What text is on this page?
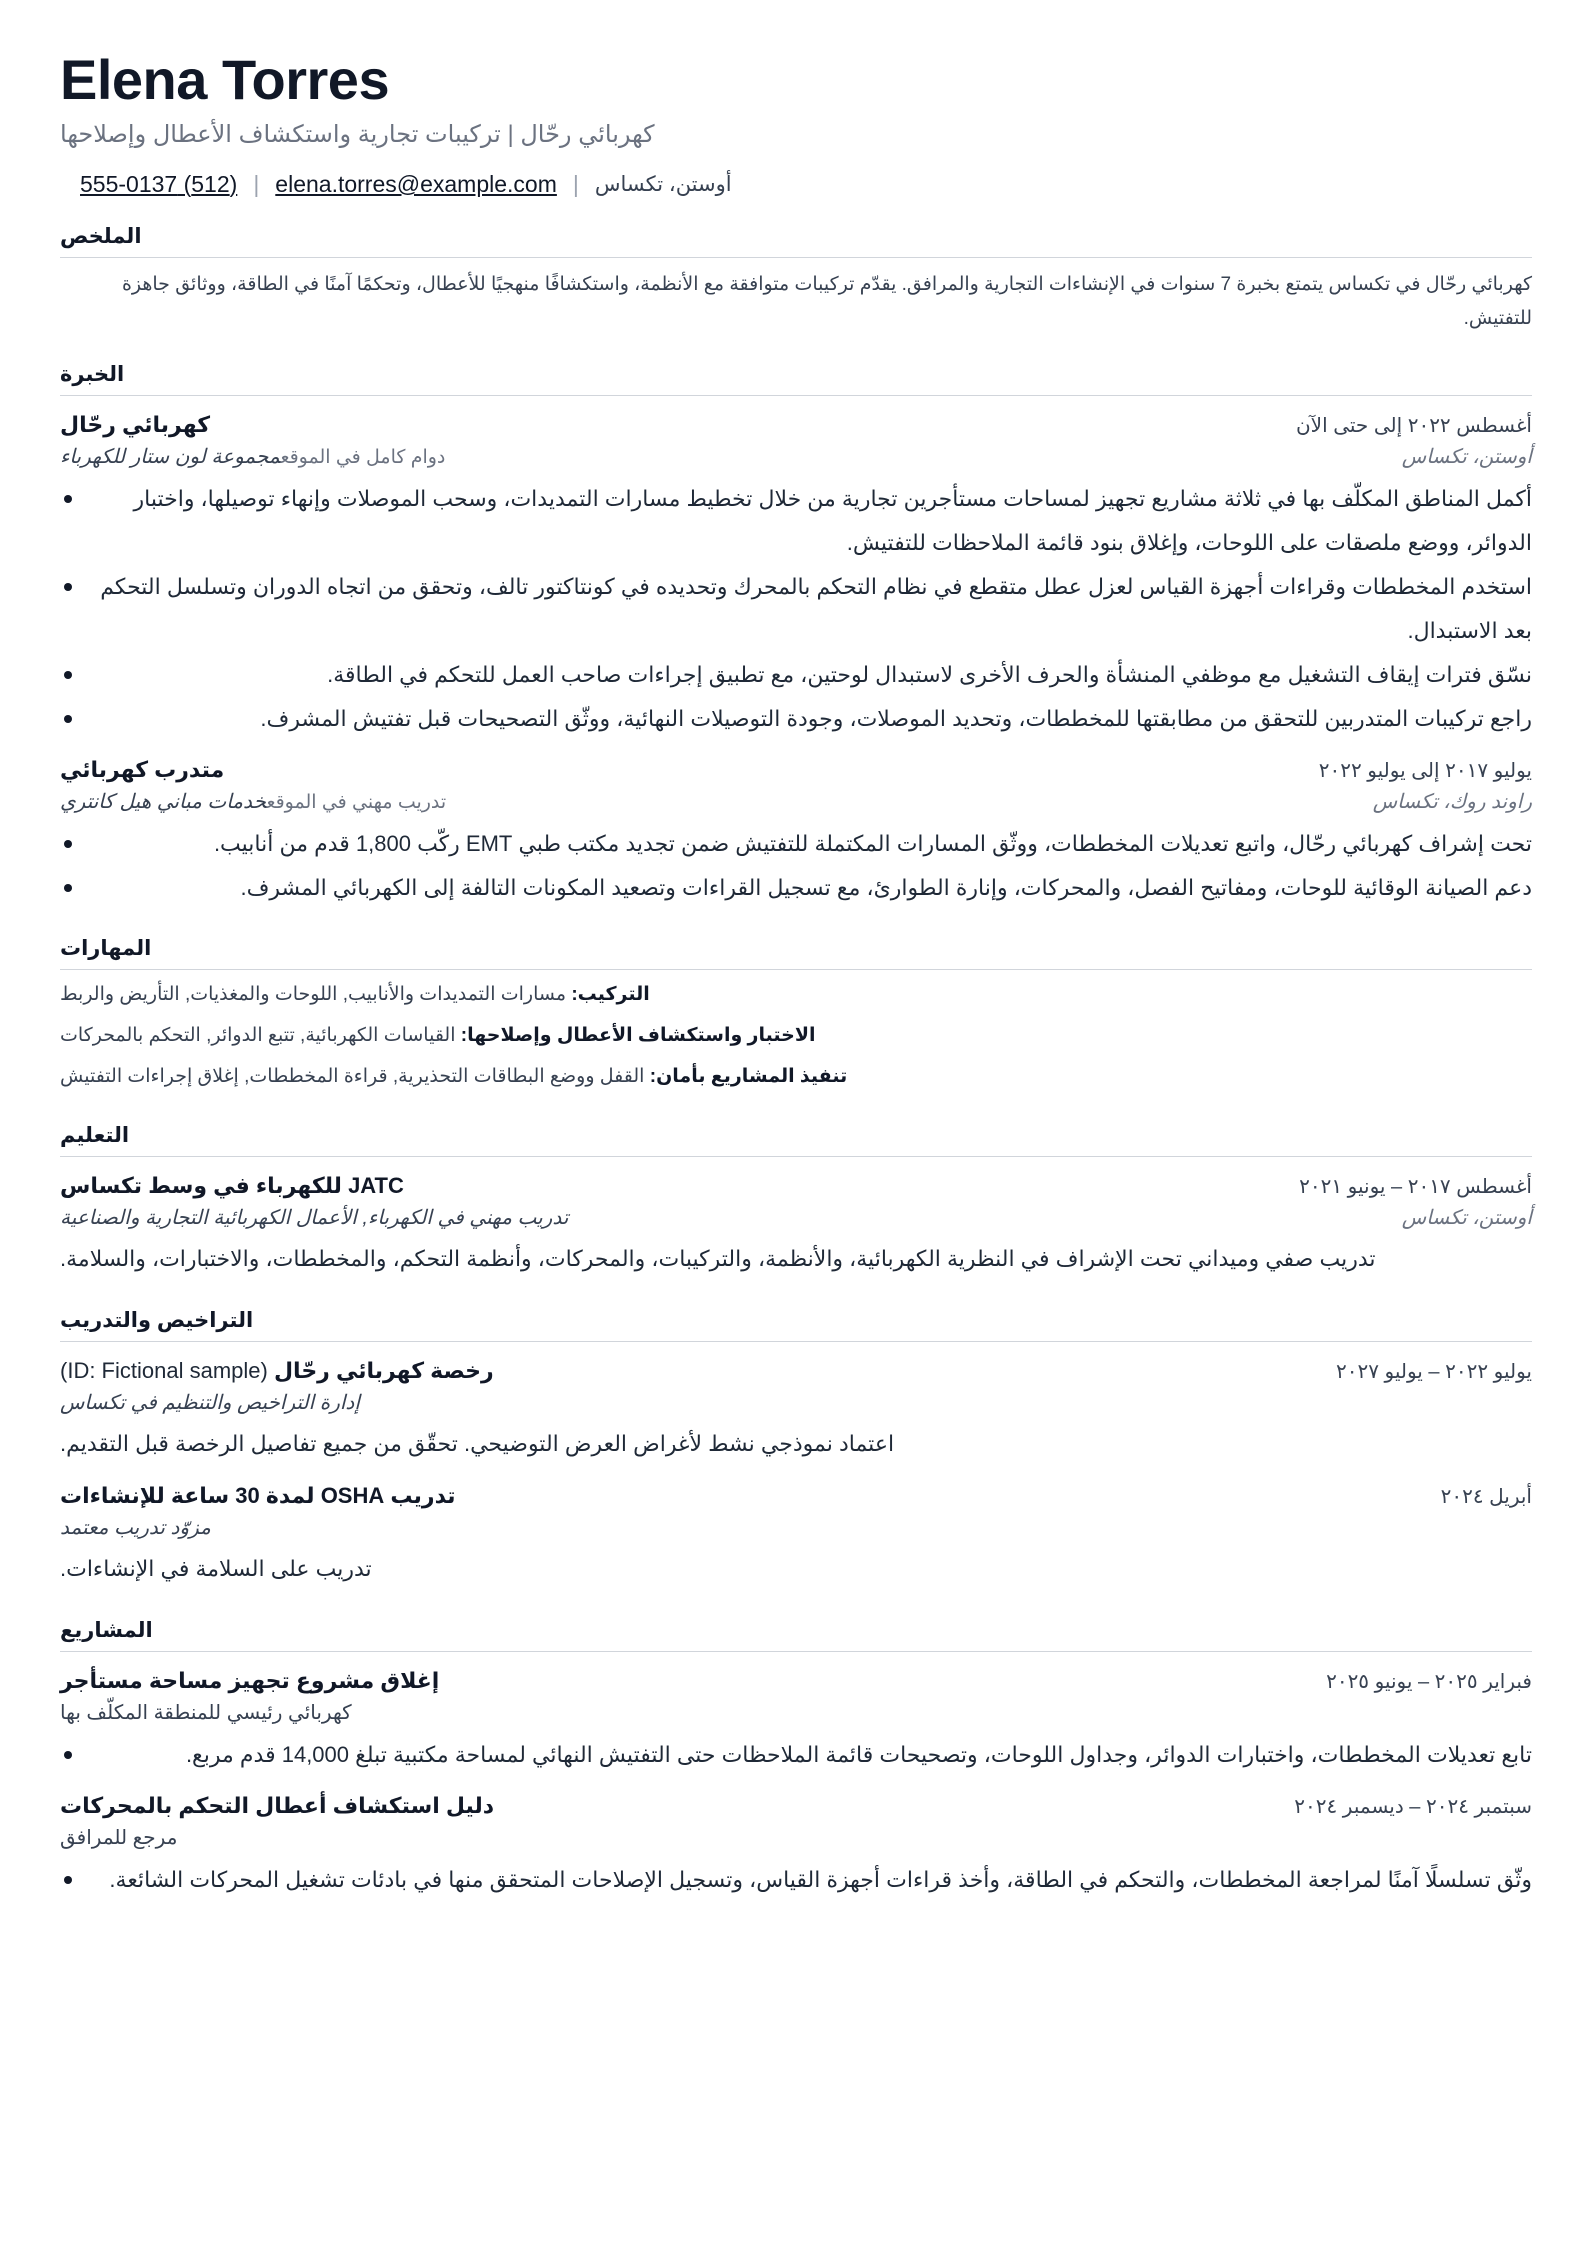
Elena Torres
كهربائي رحّال | تركيبات تجارية واستكشاف الأعطال وإصلاحها
أوستن، تكساس
|
elena.torres@example.com
|
(512) 555-0137
الملخص
كهربائي رحّال في تكساس يتمتع بخبرة 7 سنوات في الإنشاءات التجارية والمرافق. يقدّم تركيبات متوافقة مع الأنظمة، واستكشافًا منهجيًا للأعطال، وتحكمًا آمنًا في الطاقة، ووثائق جاهزة للتفتيش.
الخبرة
كهربائي رحّال	أغسطس ٢٠٢٢ إلى حتى الآن
دوام كامل في الموقعمجموعة لون ستار للكهرباء	أوستن، تكساس
أكمل المناطق المكلّف بها في ثلاثة مشاريع تجهيز لمساحات مستأجرين تجارية من خلال تخطيط مسارات التمديدات، وسحب الموصلات وإنهاء توصيلها، واختبار الدوائر، ووضع ملصقات على اللوحات، وإغلاق بنود قائمة الملاحظات للتفتيش.
استخدم المخططات وقراءات أجهزة القياس لعزل عطل متقطع في نظام التحكم بالمحرك وتحديده في كونتاكتور تالف، وتحقق من اتجاه الدوران وتسلسل التحكم بعد الاستبدال.
نسّق فترات إيقاف التشغيل مع موظفي المنشأة والحرف الأخرى لاستبدال لوحتين، مع تطبيق إجراءات صاحب العمل للتحكم في الطاقة.
راجع تركيبات المتدربين للتحقق من مطابقتها للمخططات، وتحديد الموصلات، وجودة التوصيلات النهائية، ووثّق التصحيحات قبل تفتيش المشرف.
متدرب كهربائي	يوليو ٢٠١٧ إلى يوليو ٢٠٢٢
تدريب مهني في الموقعخدمات مباني هيل كانتري	راوند روك، تكساس
تحت إشراف كهربائي رحّال، واتبع تعديلات المخططات، ووثّق المسارات المكتملة للتفتيش ضمن تجديد مكتب طبي EMT ركّب 1,800 قدم من أنابيب.
دعم الصيانة الوقائية للوحات، ومفاتيح الفصل، والمحركات، وإنارة الطوارئ، مع تسجيل القراءات وتصعيد المكونات التالفة إلى الكهربائي المشرف.
المهارات
التركيب: مسارات التمديدات والأنابيب, اللوحات والمغذيات, التأريض والربط
الاختبار واستكشاف الأعطال وإصلاحها: القياسات الكهربائية, تتبع الدوائر, التحكم بالمحركات
تنفيذ المشاريع بأمان: القفل ووضع البطاقات التحذيرية, قراءة المخططات, إغلاق إجراءات التفتيش
التعليم
JATC للكهرباء في وسط تكساس	أغسطس ٢٠١٧ – يونيو ٢٠٢١
تدريب مهني في الكهرباء, الأعمال الكهربائية التجارية والصناعية	أوستن، تكساس
تدريب صفي وميداني تحت الإشراف في النظرية الكهربائية، والأنظمة، والتركيبات، والمحركات، وأنظمة التحكم، والمخططات، والاختبارات، والسلامة.
التراخيص والتدريب
رخصة كهربائي رحّال (ID: Fictional sample)	يوليو ٢٠٢٢ – يوليو ٢٠٢٧
إدارة التراخيص والتنظيم في تكساس
اعتماد نموذجي نشط لأغراض العرض التوضيحي. تحقّق من جميع تفاصيل الرخصة قبل التقديم.
تدريب OSHA لمدة 30 ساعة للإنشاءات	أبريل ٢٠٢٤
مزوّد تدريب معتمد
تدريب على السلامة في الإنشاءات.
المشاريع
إغلاق مشروع تجهيز مساحة مستأجر	فبراير ٢٠٢٥ – يونيو ٢٠٢٥
كهربائي رئيسي للمنطقة المكلّف بها
تابع تعديلات المخططات، واختبارات الدوائر، وجداول اللوحات، وتصحيحات قائمة الملاحظات حتى التفتيش النهائي لمساحة مكتبية تبلغ 14,000 قدم مربع.
دليل استكشاف أعطال التحكم بالمحركات	سبتمبر ٢٠٢٤ – ديسمبر ٢٠٢٤
مرجع للمرافق
وثّق تسلسلًا آمنًا لمراجعة المخططات، والتحكم في الطاقة، وأخذ قراءات أجهزة القياس، وتسجيل الإصلاحات المتحقق منها في بادئات تشغيل المحركات الشائعة.
